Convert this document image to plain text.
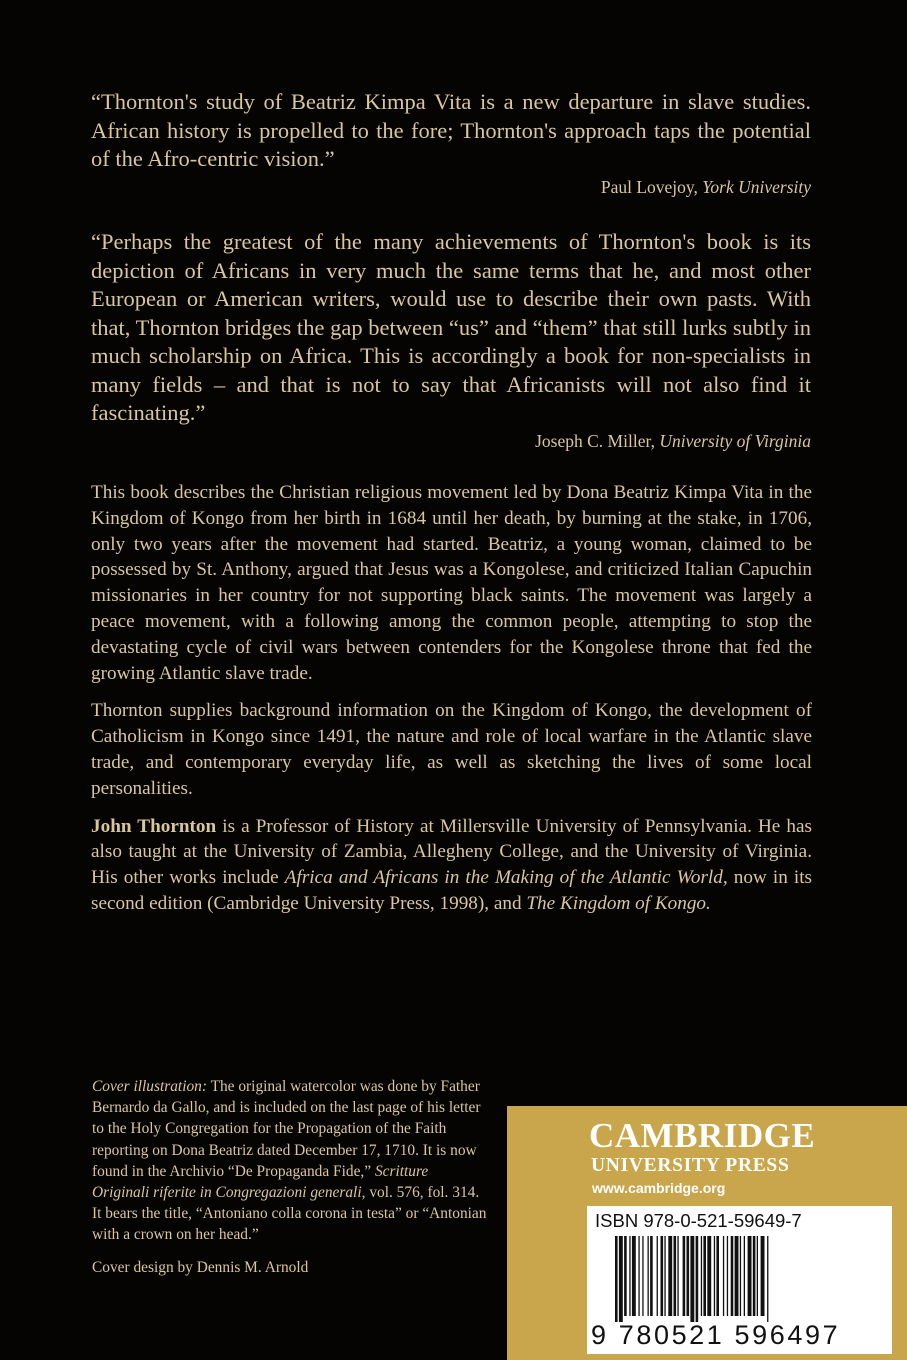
“Thornton's study of Beatriz Kimpa Vita is a new departure in slave studies. African history is propelled to the fore; Thornton's approach taps the potential of the Afro-centric vision.”

Paul Lovejoy, York University

“Perhaps the greatest of the many achievements of Thornton's book is its depiction of Africans in very much the same terms that he, and most other European or American writers, would use to describe their own pasts. With that, Thornton bridges the gap between “us” and “them” that still lurks subtly in much scholarship on Africa. This is accordingly a book for non-specialists in many fields – and that is not to say that Africanists will not also find it fascinating.”

Joseph C. Miller, University of Virginia

This book describes the Christian religious movement led by Dona Beatriz Kimpa Vita in the Kingdom of Kongo from her birth in 1684 until her death, by burning at the stake, in 1706, only two years after the movement had started. Beatriz, a young woman, claimed to be possessed by St. Anthony, argued that Jesus was a Kongolese, and criticized Italian Capuchin missionaries in her country for not supporting black saints. The movement was largely a peace movement, with a following among the common people, attempting to stop the devastating cycle of civil wars between contenders for the Kongolese throne that fed the growing Atlantic slave trade.

Thornton supplies background information on the Kingdom of Kongo, the development of Catholicism in Kongo since 1491, the nature and role of local warfare in the Atlantic slave trade, and contemporary everyday life, as well as sketching the lives of some local personalities.

John Thornton is a Professor of History at Millersville University of Pennsylvania. He has also taught at the University of Zambia, Allegheny College, and the University of Virginia. His other works include Africa and Africans in the Making of the Atlantic World, now in its second edition (Cambridge University Press, 1998), and The Kingdom of Kongo.

Cover illustration: The original watercolor was done by Father Bernardo da Gallo, and is included on the last page of his letter to the Holy Congregation for the Propagation of the Faith reporting on Dona Beatriz dated December 17, 1710. It is now found in the Archivio “De Propaganda Fide,” Scritture Originali riferite in Congregazioni generali, vol. 576, fol. 314. It bears the title, “Antoniano colla corona in testa” or “Antonian with a crown on her head.”

Cover design by Dennis M. Arnold

CAMBRIDGE
UNIVERSITY PRESS
www.cambridge.org
ISBN 978-0-521-59649-7
9 780521 596497
